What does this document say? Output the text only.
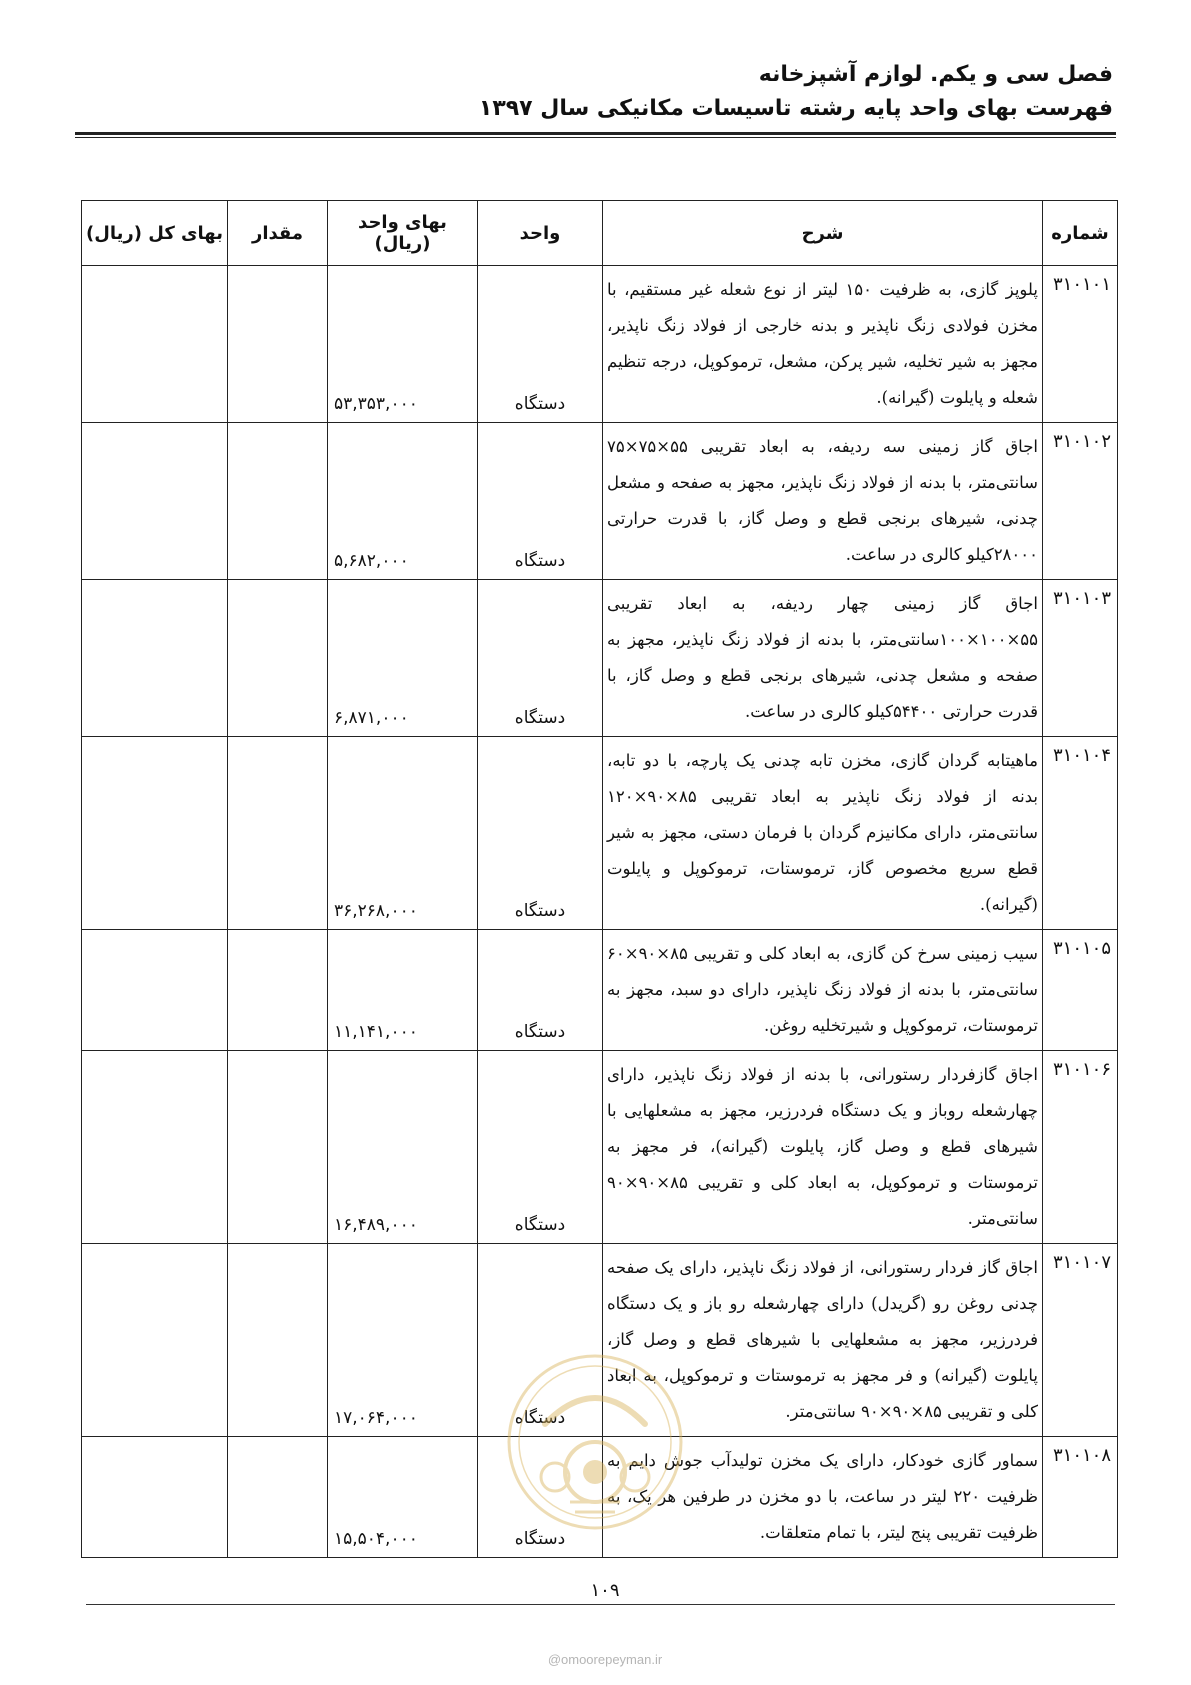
فصل سی و یکم. لوازم آشپزخانه
فهرست بهای واحد پایه رشته تاسیسات مکانیکی سال ۱۳۹۷
شماره	شرح	واحد	بهای واحد (ریال)	مقدار	بهای کل (ریال)
۳۱۰۱۰۱	پلوپز گازی، به ظرفیت ۱۵۰ لیتر از نوع شعله غیر مستقیم، با مخزن فولادی زنگ ناپذیر و بدنه خارجی از فولاد زنگ ناپذیر، مجهز به شیر تخلیه، شیر پرکن، مشعل، ترموکوپل، درجه تنظیم شعله و پایلوت (گیرانه).	دستگاه	۵۳,۳۵۳,۰۰۰		
۳۱۰۱۰۲	اجاق گاز زمینی سه ردیفه، به ابعاد تقریبی ۵۵×۷۵×۷۵ سانتی‌متر، با بدنه از فولاد زنگ ناپذیر، مجهز به صفحه و مشعل چدنی، شیرهای برنجی قطع و وصل گاز، با قدرت حرارتی ۲۸۰۰۰کیلو کالری در ساعت.	دستگاه	۵,۶۸۲,۰۰۰		
۳۱۰۱۰۳	اجاق گاز زمینی چهار ردیفه، به ابعاد تقریبی ۵۵×۱۰۰×۱۰۰سانتی‌متر، با بدنه از فولاد زنگ ناپذیر، مجهز به صفحه و مشعل چدنی، شیرهای برنجی قطع و وصل گاز، با قدرت حرارتی ۵۴۴۰۰کیلو کالری در ساعت.	دستگاه	۶,۸۷۱,۰۰۰		
۳۱۰۱۰۴	ماهیتابه گردان گازی، مخزن تابه چدنی یک پارچه، با دو تابه، بدنه از فولاد زنگ ناپذیر به ابعاد تقریبی ۸۵×۹۰×۱۲۰ سانتی‌متر، دارای مکانیزم گردان با فرمان دستی، مجهز به شیر قطع سریع مخصوص گاز، ترموستات، ترموکوپل و پایلوت (گیرانه).	دستگاه	۳۶,۲۶۸,۰۰۰		
۳۱۰۱۰۵	سیب زمینی سرخ کن گازی، به ابعاد کلی و تقریبی ۸۵×۹۰×۶۰ سانتی‌متر، با بدنه از فولاد زنگ ناپذیر، دارای دو سبد، مجهز به ترموستات، ترموکوپل و شیرتخلیه روغن.	دستگاه	۱۱,۱۴۱,۰۰۰		
۳۱۰۱۰۶	اجاق گازفردار رستورانی، با بدنه از فولاد زنگ ناپذیر، دارای چهارشعله روباز و یک دستگاه فردرزیر، مجهز به مشعلهایی با شیرهای قطع و وصل گاز، پایلوت (گیرانه)، فر مجهز به ترموستات و ترموکوپل، به ابعاد کلی و تقریبی ۸۵×۹۰×۹۰ سانتی‌متر.	دستگاه	۱۶,۴۸۹,۰۰۰		
۳۱۰۱۰۷	اجاق گاز فردار رستورانی، از فولاد زنگ ناپذیر، دارای یک صفحه چدنی روغن رو (گریدل) دارای چهارشعله رو باز و یک دستگاه فردرزیر، مجهز به مشعلهایی با شیرهای قطع و وصل گاز، پایلوت (گیرانه) و فر مجهز به ترموستات و ترموکوپل، به ابعاد کلی و تقریبی ۸۵×۹۰×۹۰ سانتی‌متر.	دستگاه	۱۷,۰۶۴,۰۰۰		
۳۱۰۱۰۸	سماور گازی خودکار، دارای یک مخزن تولیدآب جوش دایم به ظرفیت ۲۲۰ لیتر در ساعت، با دو مخزن در طرفین هر یک، به ظرفیت تقریبی پنج لیتر، با تمام متعلقات.	دستگاه	۱۵,۵۰۴,۰۰۰		
۱۰۹
@omoorepeyman.ir
